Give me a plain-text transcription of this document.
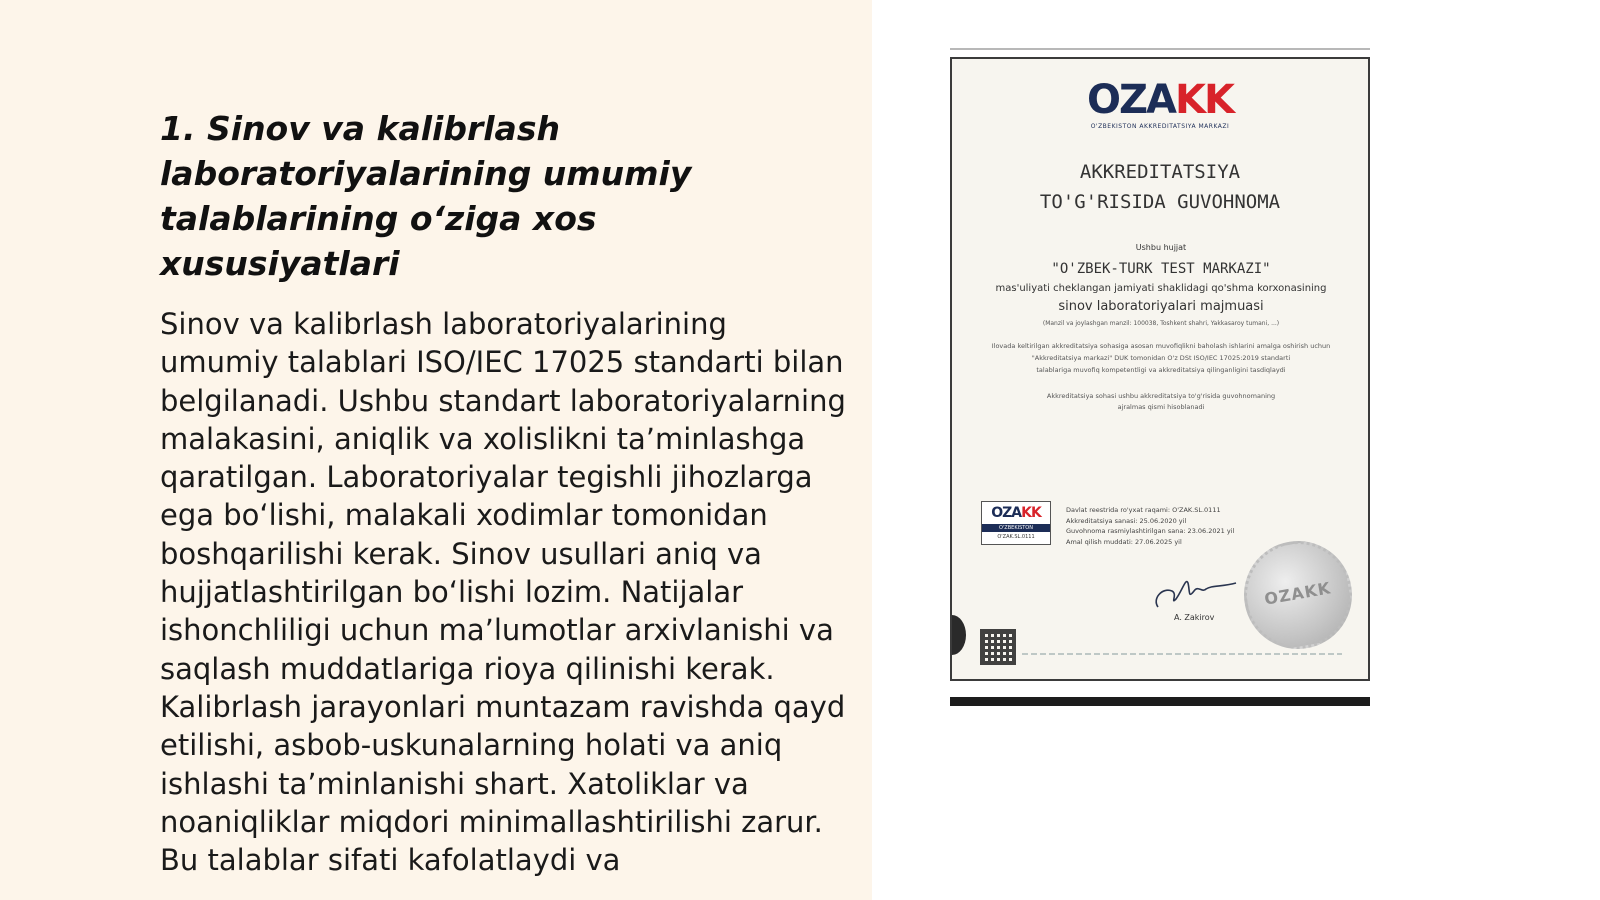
1. Sinov va kalibrlash laboratoriyalarining umumiy talablarining o‘ziga xos xususiyatlari

Sinov va kalibrlash laboratoriyalarining umumiy talablari ISO/IEC 17025 standarti bilan belgilanadi. Ushbu standart laboratoriyalarning malakasini, aniqlik va xolislikni ta’minlashga qaratilgan. Laboratoriyalar tegishli jihozlarga ega bo‘lishi, malakali xodimlar tomonidan boshqarilishi kerak. Sinov usullari aniq va hujjatlashtirilgan bo‘lishi lozim. Natijalar ishonchliligi uchun ma’lumotlar arxivlanishi va saqlash muddatlariga rioya qilinishi kerak. Kalibrlash jarayonlari muntazam ravishda qayd etilishi, asbob-uskunalarning holati va aniq ishlashi ta’minlanishi shart. Xatoliklar va noaniqliklar miqdori minimallashtirilishi zarur. Bu talablar sifati kafolatlaydi va

OZAKK
O'ZBEKISTON AKKREDITATSIYA MARKAZI
AKKREDITATSIYA
TO'G'RISIDA GUVOHNOMA
Ushbu hujjat
"O'ZBEK-TURK TEST MARKAZI"
mas'uliyati cheklangan jamiyati shaklidagi qo'shma korxonasining
sinov laboratoriyalari majmuasi
(Manzil va joylashgan manzil: 100038, Toshkent shahri, Yakkasaroy tumani, ...)
Ilovada keltirilgan akkreditatsiya sohasiga asosan muvofiqlikni baholash ishlarini amalga oshirish uchun
"Akkreditatsiya markazi" DUK tomonidan O'z DSt ISO/IEC 17025:2019 standarti
talablariga muvofiq kompetentligi va akkreditatsiya qilinganligini tasdiqlaydi
Akkreditatsiya sohasi ushbu akkreditatsiya to'g'risida guvohnomaning
ajralmas qismi hisoblanadi
OZAKK
O'ZBEKISTON
O'ZAK.SL.0111
Davlat reestrida ro'yxat raqami: O'ZAK.SL.0111
Akkreditatsiya sanasi: 25.06.2020 yil
Guvohnoma rasmiylashtirilgan sana: 23.06.2021 yil
Amal qilish muddati: 27.06.2025 yil
A. Zakirov
OZAKK
